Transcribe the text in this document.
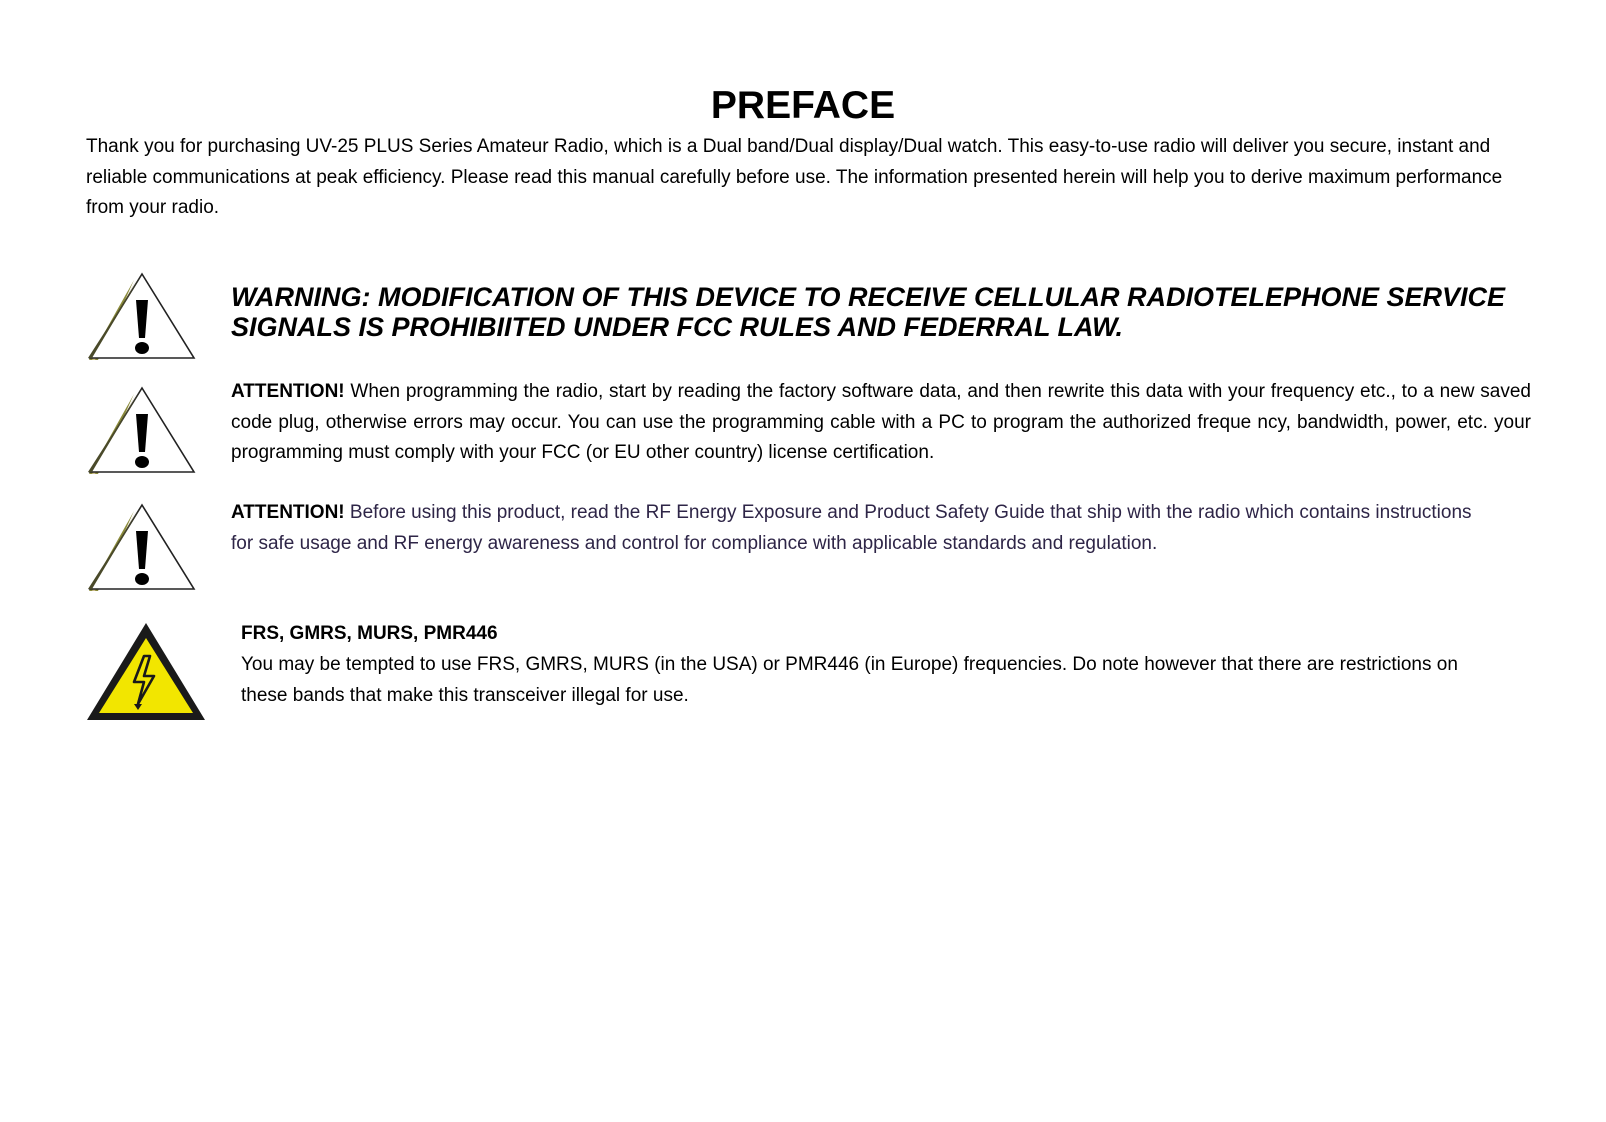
PREFACE

Thank you for purchasing UV-25 PLUS Series Amateur Radio, which is a Dual band/Dual display/Dual watch. This easy-to-use radio will deliver you secure, instant and reliable communications at peak efficiency. Please read this manual carefully before use. The information presented herein will help you to derive maximum performance from your radio.

WARNING: MODIFICATION OF THIS DEVICE TO RECEIVE CELLULAR RADIOTELEPHONE SERVICE SIGNALS IS PROHIBIITED UNDER FCC RULES AND FEDERRAL LAW.

ATTENTION! When programming the radio, start by reading the factory software data, and then rewrite this data with your frequency etc., to a new saved code plug, otherwise errors may occur. You can use the programming cable with a PC to program the authorized freque ncy, bandwidth, power, etc. your programming must comply with your FCC (or EU other country) license certification.

ATTENTION! Before using this product, read the RF Energy Exposure and Product Safety Guide that ship with the radio which contains instructions for safe usage and RF energy awareness and control for compliance with applicable standards and regulation.

FRS, GMRS, MURS, PMR446

You may be tempted to use FRS, GMRS, MURS (in the USA) or PMR446 (in Europe) frequencies. Do note however that there are restrictions on these bands that make this transceiver illegal for use.
